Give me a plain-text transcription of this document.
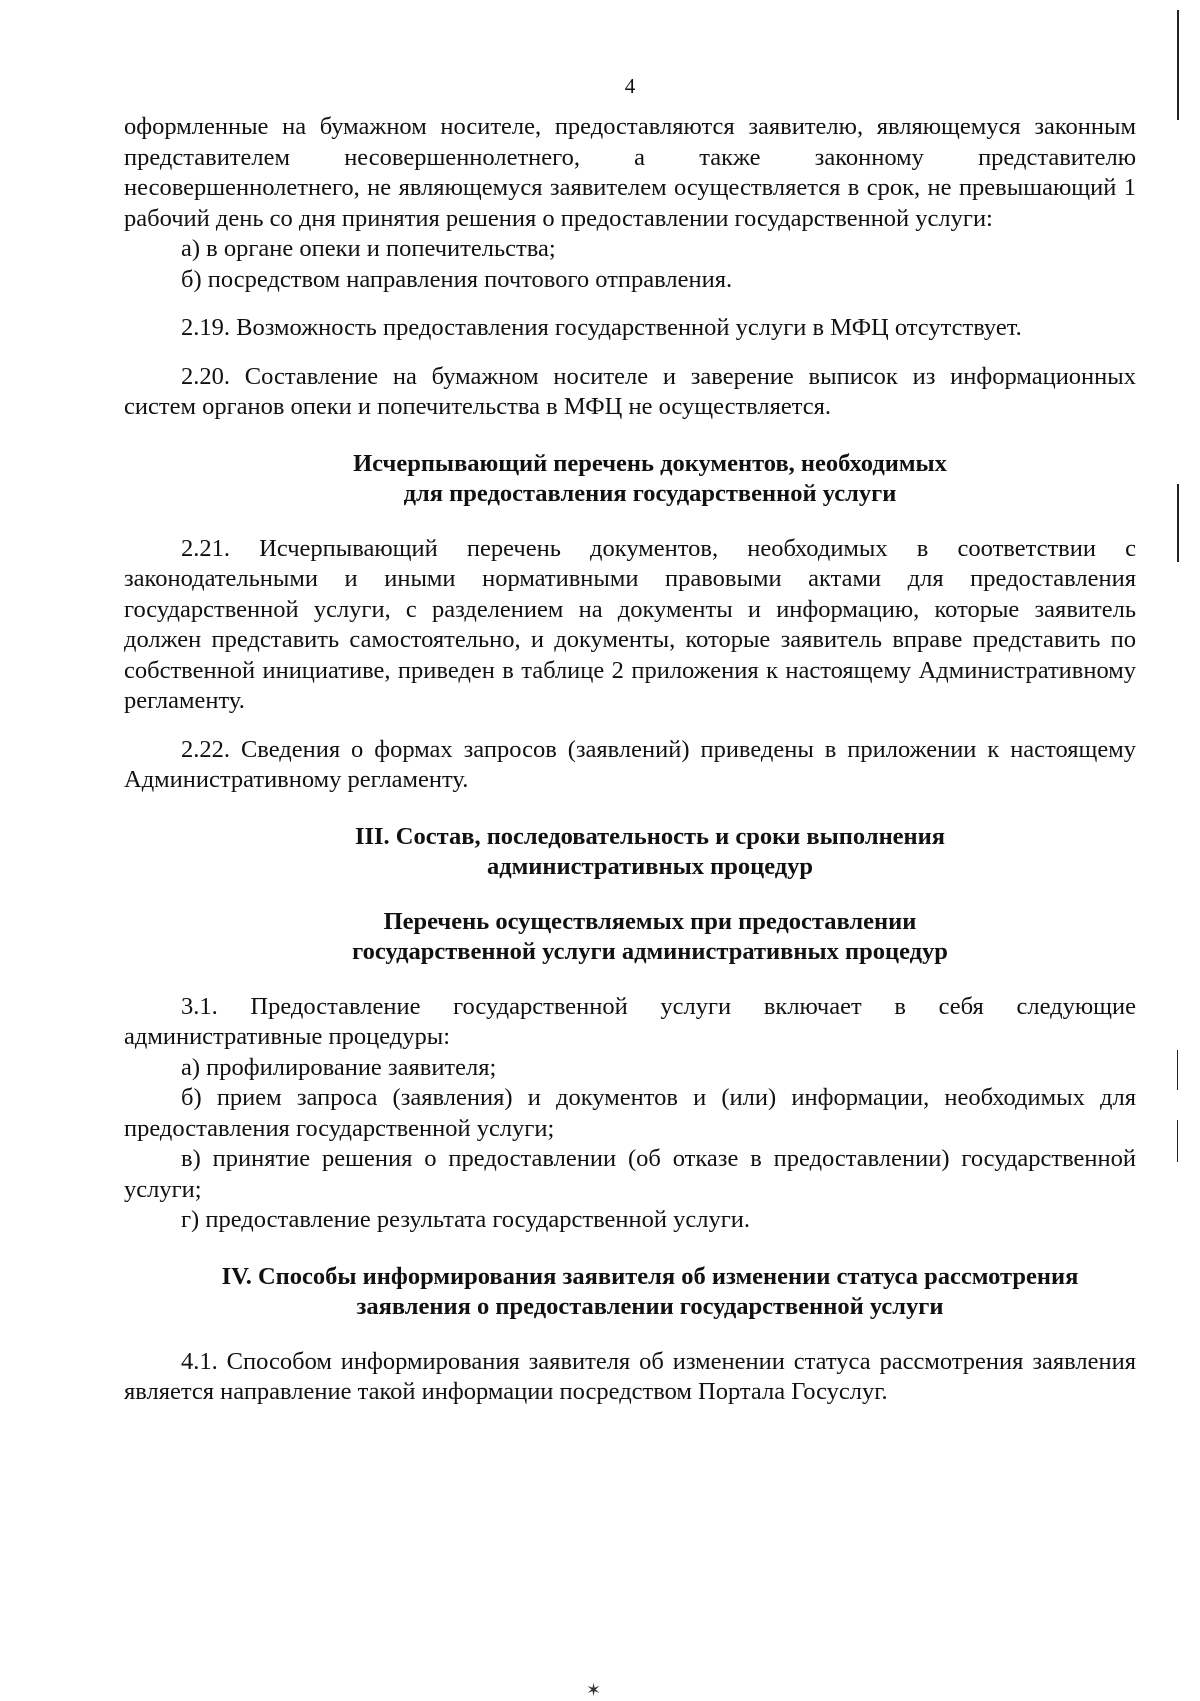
4

оформленные на бумажном носителе, предоставляются заявителю, являющемуся законным представителем несовершеннолетнего, а также законному представителю несовершеннолетнего, не являющемуся заявителем осуществляется в срок, не превышающий 1 рабочий день со дня принятия решения о предоставлении государственной услуги:

а) в органе опеки и попечительства;

б) посредством направления почтового отправления.

2.19. Возможность предоставления государственной услуги в МФЦ отсутствует.

2.20. Составление на бумажном носителе и заверение выписок из информационных систем органов опеки и попечительства в МФЦ не осуществляется.

Исчерпывающий перечень документов, необходимых

для предоставления государственной услуги

2.21. Исчерпывающий перечень документов, необходимых в соответствии с законодательными и иными нормативными правовыми актами для предоставления государственной услуги, с разделением на документы и информацию, которые заявитель должен представить самостоятельно, и документы, которые заявитель вправе представить по собственной инициативе, приведен в таблице 2 приложения к настоящему Административному регламенту.

2.22. Сведения о формах запросов (заявлений) приведены в приложении к настоящему Административному регламенту.

III. Состав, последовательность и сроки выполнения

административных процедур

Перечень осуществляемых при предоставлении

государственной услуги административных процедур

3.1. Предоставление государственной услуги включает в себя следующие административные процедуры:

а) профилирование заявителя;

б) прием запроса (заявления) и документов и (или) информации, необходимых для предоставления государственной услуги;

в) принятие решения о предоставлении (об отказе в предоставлении) государственной услуги;

г) предоставление результата государственной услуги.

IV. Способы информирования заявителя об изменении статуса рассмотрения

заявления о предоставлении государственной услуги

4.1. Способом информирования заявителя об изменении статуса рассмотрения заявления является направление такой информации посредством Портала Госуслуг.

✶
